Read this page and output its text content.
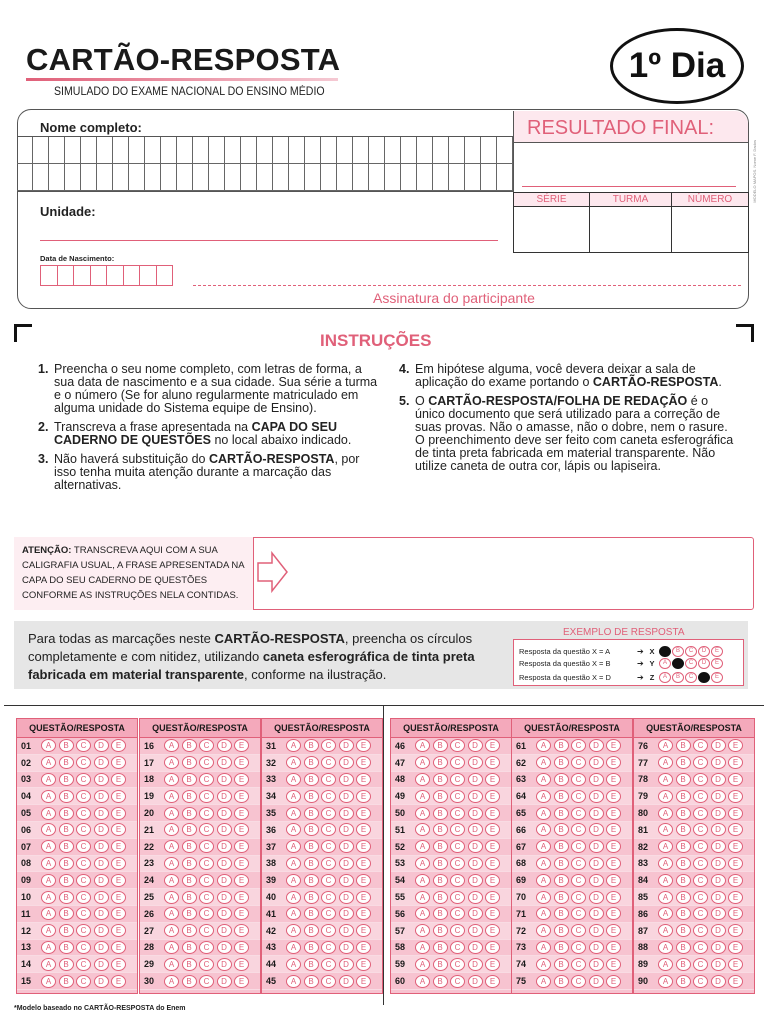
CARTÃO-RESPOSTA
SIMULADO DO EXAME NACIONAL DO ENSINO MÉDIO
1º Dia
Nome completo:
Unidade:
Data de Nascimento:
Assinatura do participante
RESULTADO FINAL:
SÉRIE	TURMA	NÚMERO	MODELO MAPOS. Nome F. Dados
INSTRUÇÕES
1. Preencha o seu nome completo, com letras de forma, a sua data de nascimento e a sua cidade. Sua série a turma e o número (Se for aluno regularmente matriculado em alguma unidade do Sistema equipe de Ensino).
2. Transcreva a frase apresentada na CAPA DO SEU CADERNO DE QUESTÕES no local abaixo indicado.
3. Não haverá substituição do CARTÃO-RESPOSTA, por isso tenha muita atenção durante a marcação das alternativas.
4. Em hipótese alguma, você devera deixar a sala de aplicação do exame portando o CARTÃO-RESPOSTA.
5. O CARTÃO-RESPOSTA/FOLHA DE REDAÇÃO é o único documento que será utilizado para a correção de suas provas. Não o amasse, não o dobre, nem o rasure. O preenchimento deve ser feito com caneta esferográfica de tinta preta fabricada em material transparente. Não utilize caneta de outra cor, lápis ou lapiseira.
ATENÇÃO: TRANSCREVA AQUI COM A SUA CALIGRAFIA USUAL, A FRASE APRESENTADA NA CAPA DO SEU CADERNO DE QUESTÕES CONFORME AS INSTRUÇÕES NELA CONTIDAS.
Para todas as marcações neste CARTÃO-RESPOSTA, preencha os círculos completamente e com nitidez, utilizando caneta esferográfica de tinta preta fabricada em material transparente, conforme na ilustração.
EXEMPLO DE RESPOSTA
Resposta da questão X = A	➔ X	B	C	D	E
Resposta da questão X = B	➔ Y	A	C	D	E
Resposta da questão X = D	➔ Z	A	B	C	E
QUESTÃO/RESPOSTA
01	A	B	C	D	E
02	A	B	C	D	E
03	A	B	C	D	E
04	A	B	C	D	E
05	A	B	C	D	E
06	A	B	C	D	E
07	A	B	C	D	E
08	A	B	C	D	E
09	A	B	C	D	E
10	A	B	C	D	E
11	A	B	C	D	E
12	A	B	C	D	E
13	A	B	C	D	E
14	A	B	C	D	E
15	A	B	C	D	E
QUESTÃO/RESPOSTA
16	A	B	C	D	E
17	A	B	C	D	E
18	A	B	C	D	E
19	A	B	C	D	E
20	A	B	C	D	E
21	A	B	C	D	E
22	A	B	C	D	E
23	A	B	C	D	E
24	A	B	C	D	E
25	A	B	C	D	E
26	A	B	C	D	E
27	A	B	C	D	E
28	A	B	C	D	E
29	A	B	C	D	E
30	A	B	C	D	E
QUESTÃO/RESPOSTA
31	A	B	C	D	E
32	A	B	C	D	E
33	A	B	C	D	E
34	A	B	C	D	E
35	A	B	C	D	E
36	A	B	C	D	E
37	A	B	C	D	E
38	A	B	C	D	E
39	A	B	C	D	E
40	A	B	C	D	E
41	A	B	C	D	E
42	A	B	C	D	E
43	A	B	C	D	E
44	A	B	C	D	E
45	A	B	C	D	E
QUESTÃO/RESPOSTA
46	A	B	C	D	E
47	A	B	C	D	E
48	A	B	C	D	E
49	A	B	C	D	E
50	A	B	C	D	E
51	A	B	C	D	E
52	A	B	C	D	E
53	A	B	C	D	E
54	A	B	C	D	E
55	A	B	C	D	E
56	A	B	C	D	E
57	A	B	C	D	E
58	A	B	C	D	E
59	A	B	C	D	E
60	A	B	C	D	E
QUESTÃO/RESPOSTA
61	A	B	C	D	E
62	A	B	C	D	E
63	A	B	C	D	E
64	A	B	C	D	E
65	A	B	C	D	E
66	A	B	C	D	E
67	A	B	C	D	E
68	A	B	C	D	E
69	A	B	C	D	E
70	A	B	C	D	E
71	A	B	C	D	E
72	A	B	C	D	E
73	A	B	C	D	E
74	A	B	C	D	E
75	A	B	C	D	E
QUESTÃO/RESPOSTA
76	A	B	C	D	E
77	A	B	C	D	E
78	A	B	C	D	E
79	A	B	C	D	E
80	A	B	C	D	E
81	A	B	C	D	E
82	A	B	C	D	E
83	A	B	C	D	E
84	A	B	C	D	E
85	A	B	C	D	E
86	A	B	C	D	E
87	A	B	C	D	E
88	A	B	C	D	E
89	A	B	C	D	E
90	A	B	C	D	E
*Modelo baseado no CARTÃO-RESPOSTA do Enem
